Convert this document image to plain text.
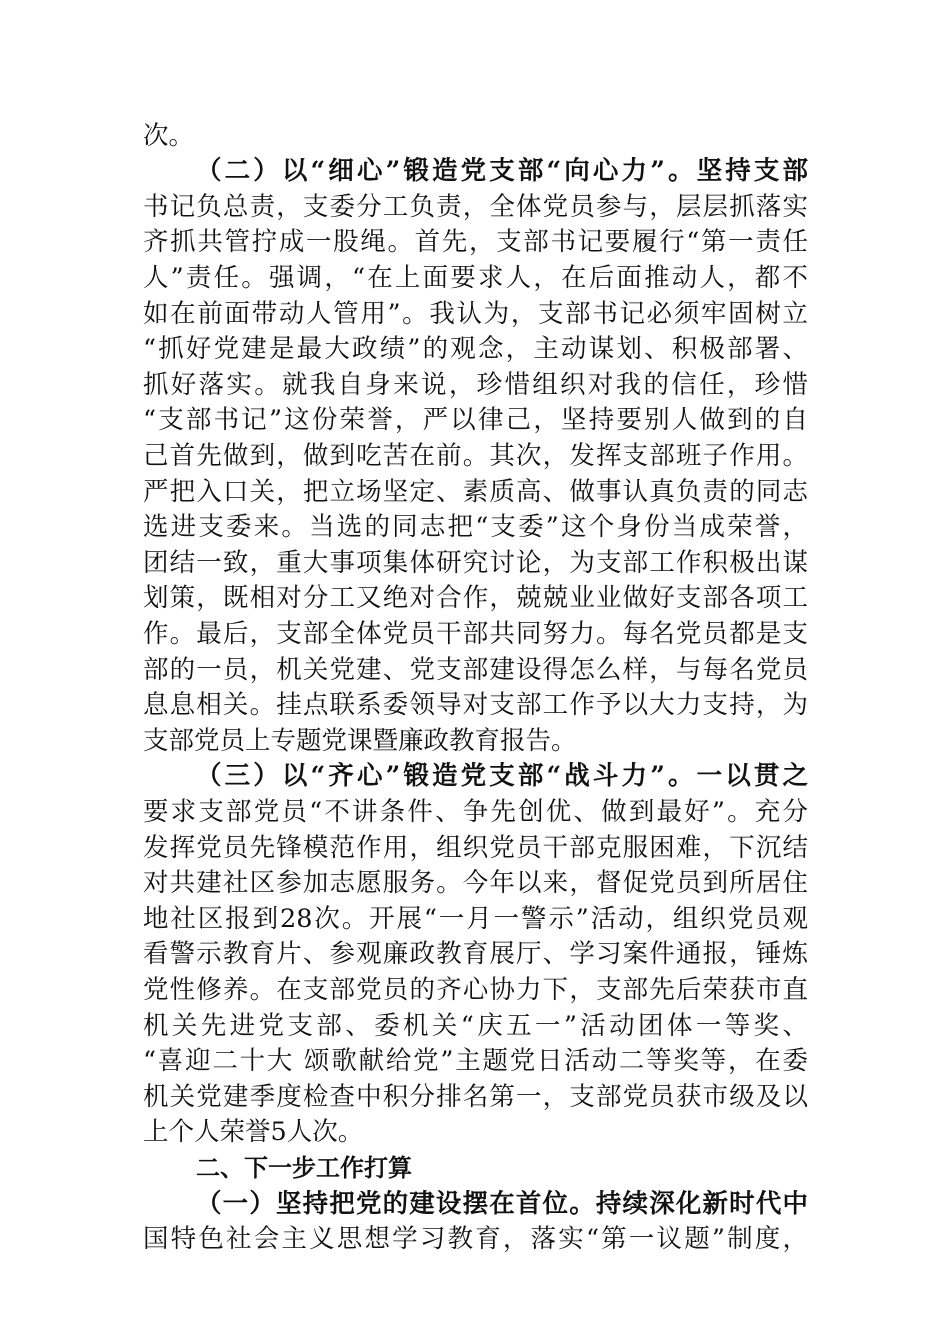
次。
（二）以“细心”锻造党支部“向心力”。坚持支部
书记负总责，支委分工负责，全体党员参与，层层抓落实
齐抓共管拧成一股绳。首先，支部书记要履行“第一责任
人”责任。强调，“在上面要求人，在后面推动人，都不
如在前面带动人管用”。我认为，支部书记必须牢固树立
“抓好党建是最大政绩”的观念，主动谋划、积极部署、
抓好落实。就我自身来说，珍惜组织对我的信任，珍惜
“支部书记”这份荣誉，严以律己，坚持要别人做到的自
己首先做到，做到吃苦在前。其次，发挥支部班子作用。
严把入口关，把立场坚定、素质高、做事认真负责的同志
选进支委来。当选的同志把“支委”这个身份当成荣誉，
团结一致，重大事项集体研究讨论，为支部工作积极出谋
划策，既相对分工又绝对合作，兢兢业业做好支部各项工
作。最后，支部全体党员干部共同努力。每名党员都是支
部的一员，机关党建、党支部建设得怎么样，与每名党员
息息相关。挂点联系委领导对支部工作予以大力支持，为
支部党员上专题党课暨廉政教育报告。
（三）以“齐心”锻造党支部“战斗力”。一以贯之
要求支部党员“不讲条件、争先创优、做到最好”。充分
发挥党员先锋模范作用，组织党员干部克服困难，下沉结
对共建社区参加志愿服务。今年以来，督促党员到所居住
地社区报到28次。开展“一月一警示”活动，组织党员观
看警示教育片、参观廉政教育展厅、学习案件通报，锤炼
党性修养。在支部党员的齐心协力下，支部先后荣获市直
机关先进党支部、委机关“庆五一”活动团体一等奖、
“喜迎二十大 颂歌献给党”主题党日活动二等奖等，在委
机关党建季度检查中积分排名第一，支部党员获市级及以
上个人荣誉5人次。
二、下一步工作打算
（一）坚持把党的建设摆在首位。持续深化新时代中
国特色社会主义思想学习教育，落实“第一议题”制度，
